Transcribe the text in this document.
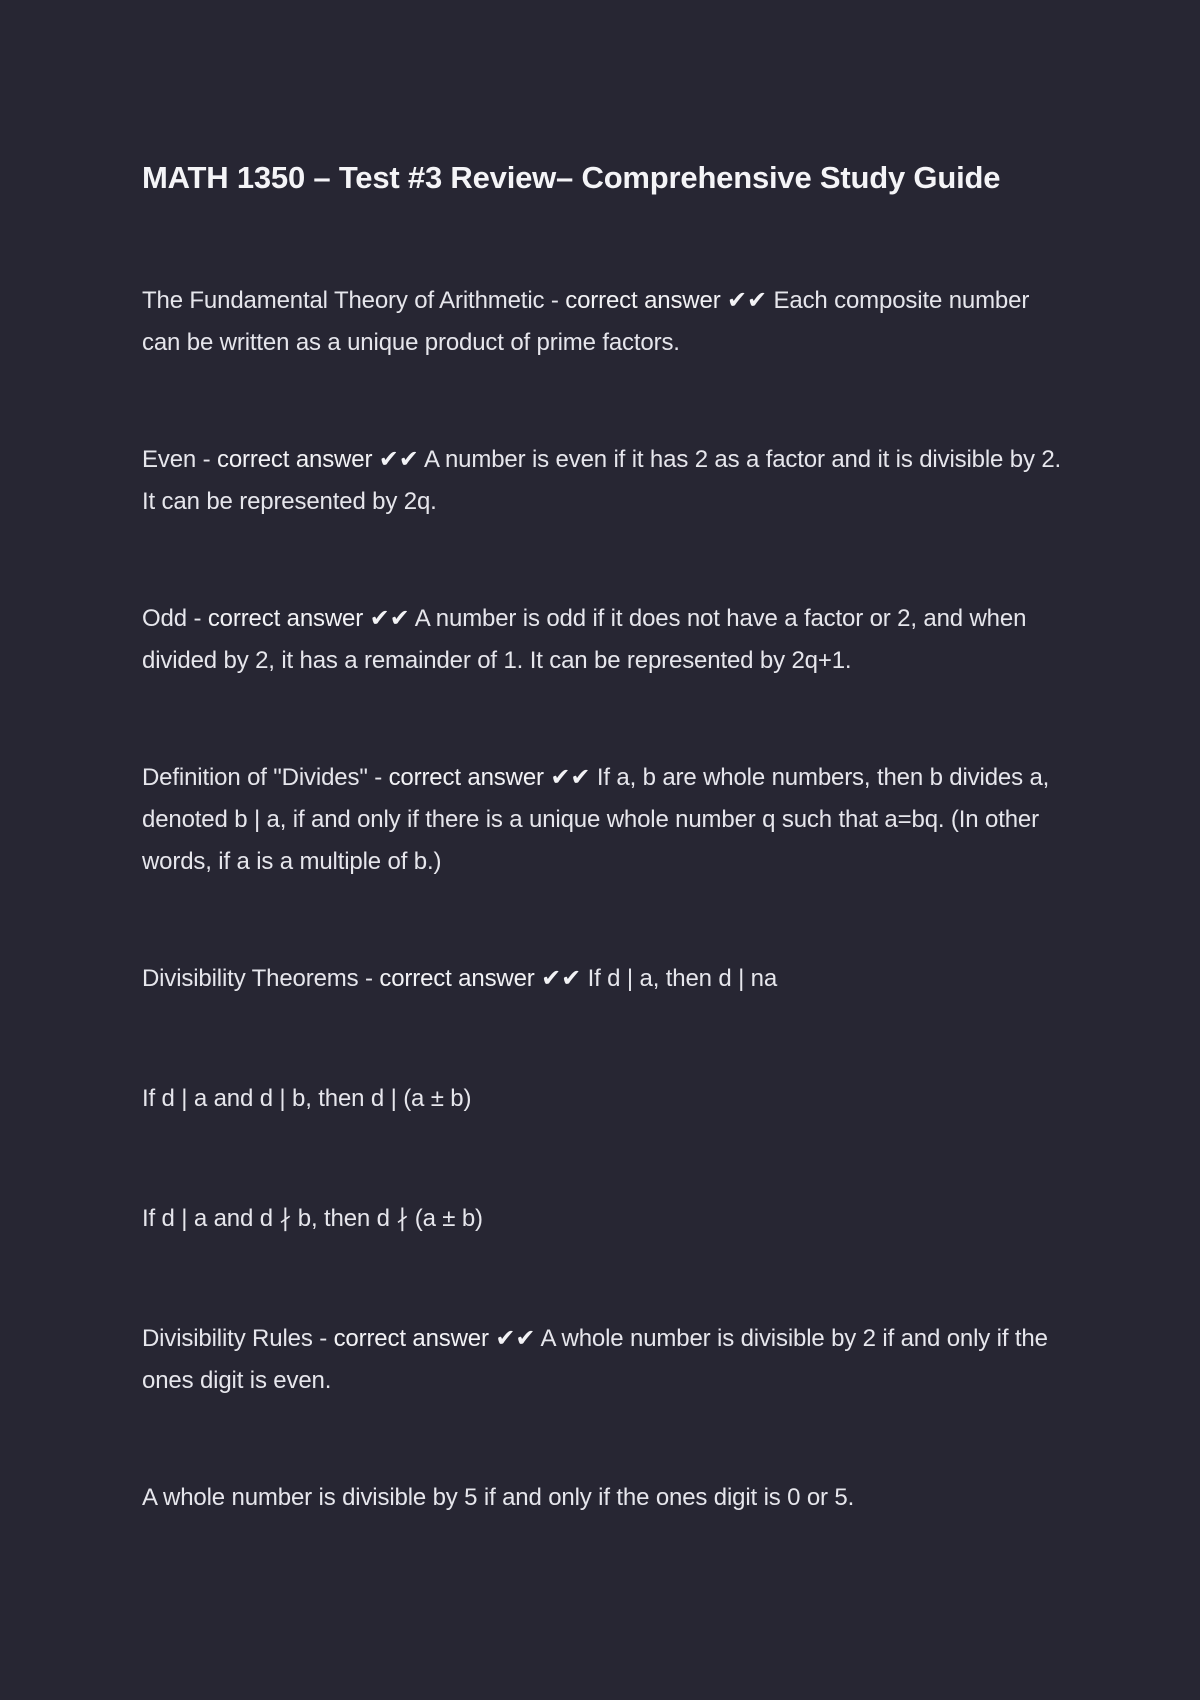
MATH 1350 – Test #3 Review– Comprehensive Study Guide

The Fundamental Theory of Arithmetic - correct answer ✔✔ Each composite number can be written as a unique product of prime factors.

Even - correct answer ✔✔ A number is even if it has 2 as a factor and it is divisible by 2. It can be represented by 2q.

Odd - correct answer ✔✔ A number is odd if it does not have a factor or 2, and when divided by 2, it has a remainder of 1. It can be represented by 2q+1.

Definition of "Divides" - correct answer ✔✔ If a, b are whole numbers, then b divides a, denoted b | a, if and only if there is a unique whole number q such that a=bq. (In other words, if a is a multiple of b.)

Divisibility Theorems - correct answer ✔✔ If d | a, then d | na

If d | a and d | b, then d | (a ± b)

If d | a and d ∤ b, then d ∤ (a ± b)

Divisibility Rules - correct answer ✔✔ A whole number is divisible by 2 if and only if the ones digit is even.

A whole number is divisible by 5 if and only if the ones digit is 0 or 5.
